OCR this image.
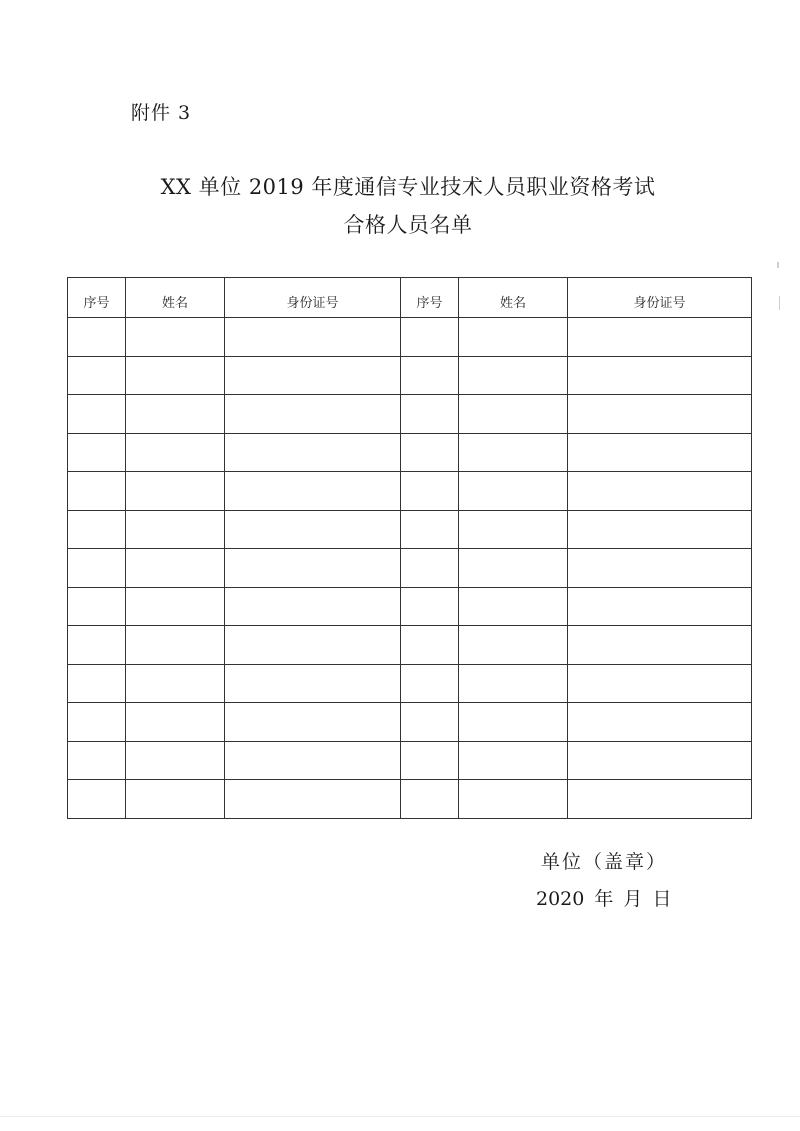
附件 3
XX 单位 2019 年度通信专业技术人员职业资格考试
合格人员名单
序号	姓名	身份证号	序号	姓名	身份证号

单位（盖章）
2020 年 月 日
